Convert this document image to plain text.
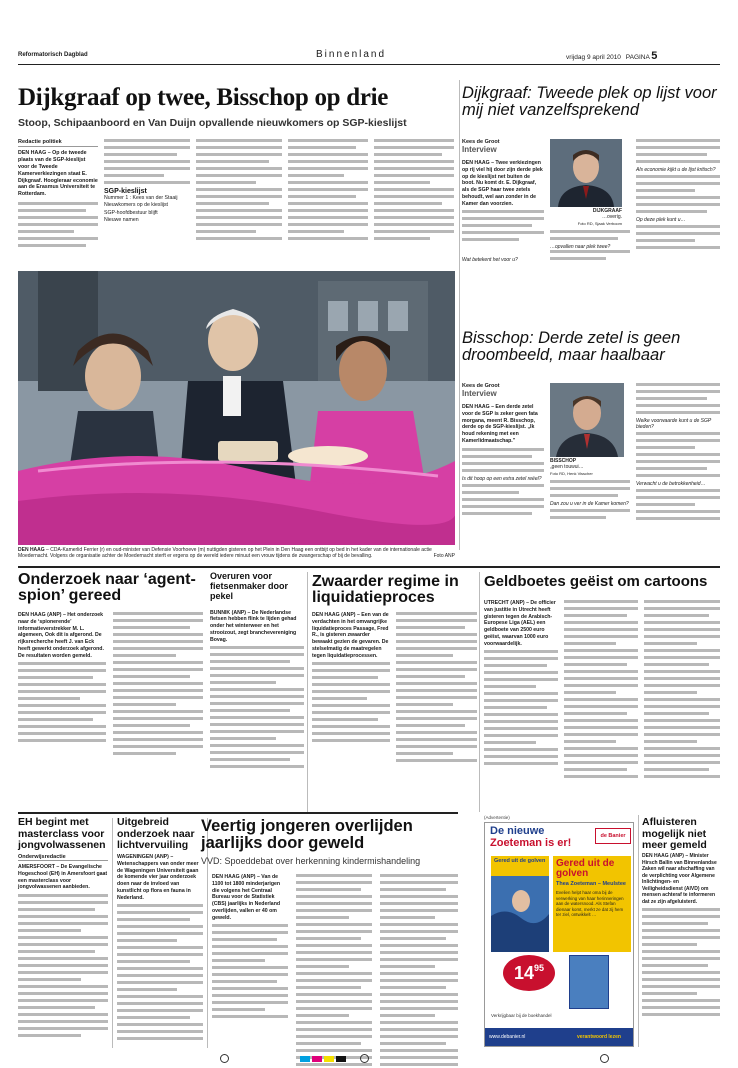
Reformatorisch Dagblad	Binnenland	vrijdag 9 april 2010 PAGINA 5
Dijkgraaf op twee, Bisschop op drie
Stoop, Schipaanboord en Van Duijn opvallende nieuwkomers op SGP-kieslijst
Redactie politiek
DEN HAAG – Op de tweede plaats van de SGP-kieslijst voor de Tweede Kamerverkiezingen staat E. Dijkgraaf. Hoogleraar economie aan de Erasmus Universiteit te Rotterdam.	SGP-kieslijst
Nummer 1 : Kees van der Staaij
Nieuwkomers op de kieslijst
SGP-hoofdbestuur blijft
Nieuwe namen
DEN HAAG – CDA-Kamerlid Ferrier (r) en oud-minister van Defensie Voorhoeve (m) nuttigden gisteren op het Plein in Den Haag een ontbijt op bed in het kader van de internationale actie Moedernacht. Volgens de organisatie achter de Moedernacht sterft er ergens op de wereld iedere minuut een vrouw tijdens de zwangerschap of bij de bevalling.	Foto ANP
Dijkgraaf: Tweede plek op lijst voor mij niet vanzelfsprekend
Kees de Groot
Interview
DEN HAAG – Twee verkiezingen op rij viel hij door zijn derde plek op de kieslijst net buiten de boot. Nu komt dr. E. Dijkgraaf, als de SGP haar twee zetels behoudt, wel aan zonder in de Kamer dan voorzien.
DIJKGRAAF
…overig.
Foto RD, Sjaak Verboom
…opvallen naar plek twee?
Als economie kijkt u de lijst kritisch?
Op deze plek kunt u…
Wat betekent het voor u?
Bisschop: Derde zetel is geen droombeeld, maar haalbaar
Kees de Groot
Interview
DEN HAAG – Een derde zetel voor de SGP is zeker geen fata morgana, meent R. Bisschop, derde op de SGP-kieslijst. „Ik houd rekening met een Kamerlidmaatschap.”
Is dit hoop op een extra zetel reëel?
BISSCHOP
„geen touwui…
Foto RD, Henk Visscher
Dan zou u ver in de Kamer komen?
Welke voorwaarde kunt u de SGP bieden?
Verwacht u de betrokkenheid…
Onderzoek naar ‘agent-spion’ gereed
DEN HAAG (ANP) – Het onderzoek naar de ‘spionerende’ informatieverstrekker M. L. algemeen, Ook dit is afgerond. De rijksrecherche heeft J. van Eck heeft gewerkt onderzoek afgerond. De resultaten worden gemeld.
Overuren voor fietsenmaker door pekel
BUNNIK (ANP) – De Nederlandse fietsen hebben flink te lijden gehad onder het winterweer en het strooizout, zegt branchevereniging Bovag.
Zwaarder regime in liquidatieproces
DEN HAAG (ANP) – Een van de verdachten in het omvangrijke liquidatieproces Passage, Fred R., is gisteren zwaarder bewaakt gezien de gevaren. De stelselmatig de maatregelen tegen liquidatieprocessen.
Geldboetes geëist om cartoons
UTRECHT (ANP) – De officier van justitie in Utrecht heeft gisteren tegen de Arabisch-Europese Liga (AEL) een geldboete van 2500 euro geëist, waarvan 1000 euro voorwaardelijk.
EH begint met masterclass voor jongvolwassenen
Onderwijsredactie
AMERSFOORT – De Evangelische Hogeschool (EH) in Amersfoort gaat een masterclass voor jongvolwassenen aanbieden.
Uitgebreid onderzoek naar lichtvervuiling
WAGENINGEN (ANP) – Wetenschappers van onder meer de Wageningen Universiteit gaan de komende vier jaar onderzoek doen naar de invloed van kunstlicht op flora en fauna in Nederland.
Veertig jongeren overlijden jaarlijks door geweld
VVD: Spoeddebat over herkenning kindermishandeling
DEN HAAG (ANP) – Van de 1100 tot 1800 minderjarigen die volgens het Centraal Bureau voor de Statistiek (CBS) jaarlijks in Nederland overlijden, vallen er 40 om geweld.
(Advertentie)
De nieuwe
Zoeteman is er!
de Banier
Gered uit de golven Gered uit de golven
Thea Zoeteman – Meulstee
Evelien helpt haar oma bij de verwerking van haar herinneringen aan de watersnood. Als Stefan dienaar komt, merkt ze dat zij hem ter ziel, ontwikkelt …
$14^{95}$
Verkrijgbaar bij de boekhandel
www.debanier.nl	verantwoord lezen
Afluisteren mogelijk niet meer gemeld
DEN HAAG (ANP) – Minister Hirsch Ballin van Binnenlandse Zaken wil naar afschaffing van de verplichting voor Algemene Inlichtingen- en Veiligheidsdienst (AIVD) om mensen achteraf te informeren dat ze zijn afgeluisterd.
